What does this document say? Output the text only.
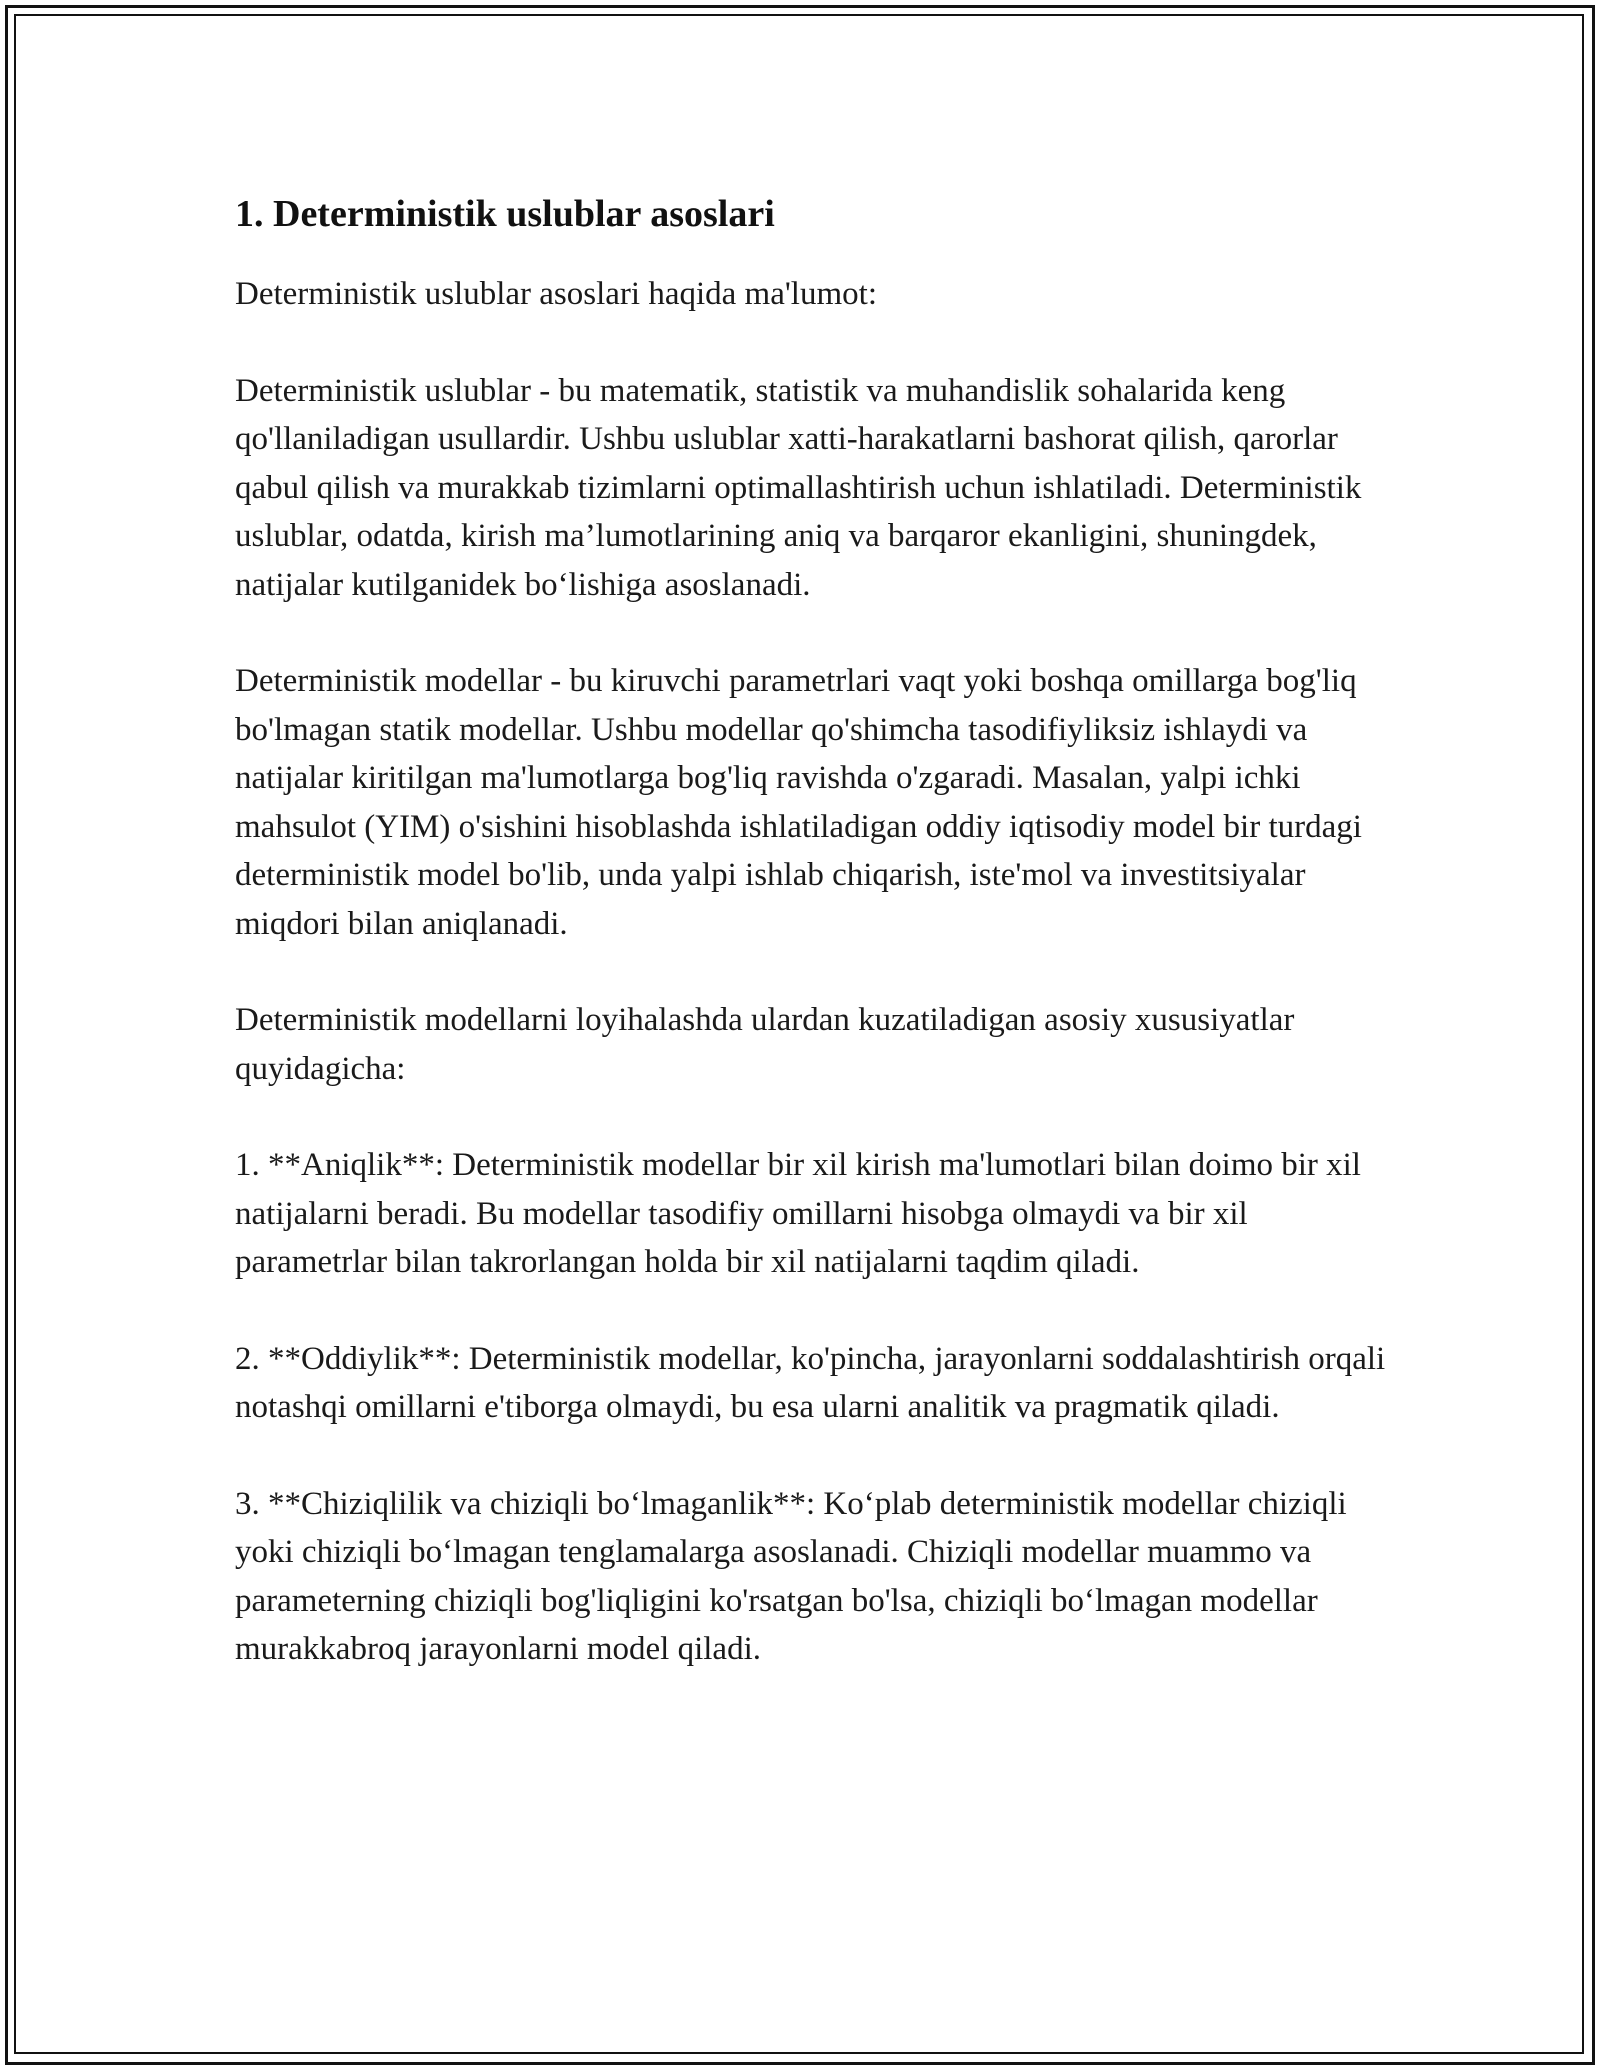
1. Deterministik uslublar asoslari

Deterministik uslublar asoslari haqida ma'lumot:

Deterministik uslublar - bu matematik, statistik va muhandislik sohalarida keng qo'llaniladigan usullardir. Ushbu uslublar xatti-harakatlarni bashorat qilish, qarorlar qabul qilish va murakkab tizimlarni optimallashtirish uchun ishlatiladi. Deterministik uslublar, odatda, kirish ma’lumotlarining aniq va barqaror ekanligini, shuningdek, natijalar kutilganidek bo‘lishiga asoslanadi.

Deterministik modellar - bu kiruvchi parametrlari vaqt yoki boshqa omillarga bog'liq bo'lmagan statik modellar. Ushbu modellar qo'shimcha tasodifiyliksiz ishlaydi va natijalar kiritilgan ma'lumotlarga bog'liq ravishda o'zgaradi. Masalan, yalpi ichki mahsulot (YIM) o'sishini hisoblashda ishlatiladigan oddiy iqtisodiy model bir turdagi deterministik model bo'lib, unda yalpi ishlab chiqarish, iste'mol va investitsiyalar miqdori bilan aniqlanadi.

Deterministik modellarni loyihalashda ulardan kuzatiladigan asosiy xususiyatlar quyidagicha:

1. **Aniqlik**: Deterministik modellar bir xil kirish ma'lumotlari bilan doimo bir xil natijalarni beradi. Bu modellar tasodifiy omillarni hisobga olmaydi va bir xil parametrlar bilan takrorlangan holda bir xil natijalarni taqdim qiladi.

2. **Oddiylik**: Deterministik modellar, ko'pincha, jarayonlarni soddalashtirish orqali notashqi omillarni e'tiborga olmaydi, bu esa ularni analitik va pragmatik qiladi.

3. **Chiziqlilik va chiziqli bo‘lmaganlik**: Ko‘plab deterministik modellar chiziqli yoki chiziqli bo‘lmagan tenglamalarga asoslanadi. Chiziqli modellar muammo va parameterning chiziqli bog'liqligini ko'rsatgan bo'lsa, chiziqli bo‘lmagan modellar murakkabroq jarayonlarni model qiladi.
